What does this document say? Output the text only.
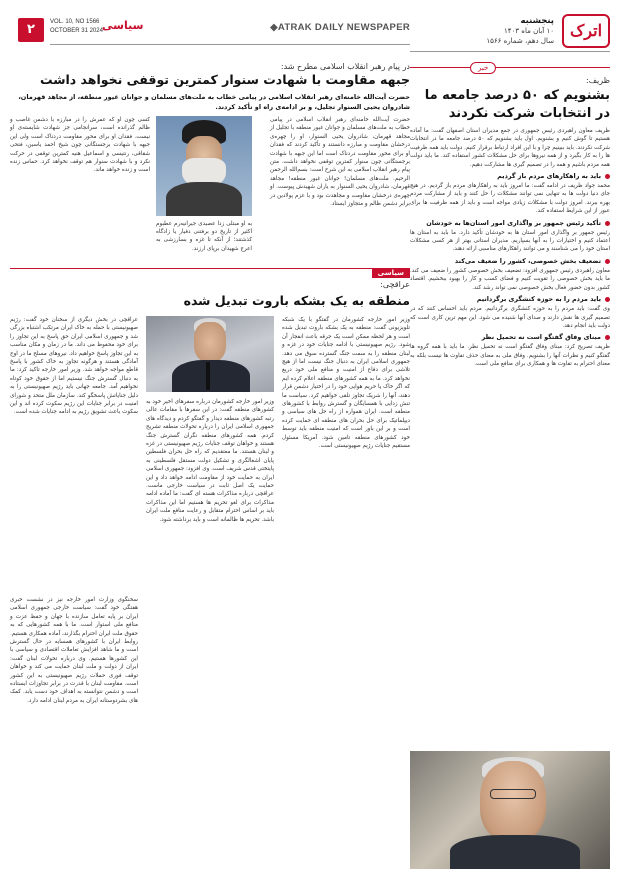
۲	VOL. 10, NO 1566
OCTOBER 31 2024 سیاسی	◆ATRAK DAILY NEWSPAPER	اترک
پنجشنبه
۱۰ آبان ماه ۱۴۰۳
سال دهم، شماره ۱۵۶۶
خبر
ظریف:
بشنویم که ۵۰ درصد جامعه ما در انتخابات شرکت نکردند

ظریف معاون راهبردی رئیس جمهوری در جمع مدیران استان اصفهان گفت: ما آماده هستیم تا گوش کنیم و بشنویم. اول باید بشنویم که ۵۰ درصد جامعه ما در انتخابات شرکت نکردند. باید ببینیم چرا و با این افراد ارتباط برقرار کنیم. دولت باید همه ظرفیت ها را به کار بگیرد و از همه نیروها برای حل مشکلات کشور استفاده کند. ما باید دولت همه مردم باشیم و همه را در تصمیم گیری ها مشارکت دهیم.

باید به راهکارهای مردم باز گردیم

محمد جواد ظریف در ادامه گفت: ما امروز باید به راهکارهای مردم باز گردیم. در هیچ جای دنیا دولت ها به تنهایی نمی توانند مشکلات را حل کنند و باید از مشارکت مردم بهره ببرند. امروز دولت با مشکلات زیادی مواجه است و باید از همه ظرفیت ها برای عبور از این شرایط استفاده کند.

تأکید رئیس جمهور بر واگذاری امور استان‌ها به خودشان

رئیس جمهور بر واگذاری امور استان ها به خودشان تأکید دارد. ما باید به استان ها اعتماد کنیم و اختیارات را به آنها بسپاریم. مدیران استانی بهتر از هر کسی مشکلات استان خود را می شناسند و می توانند راهکارهای مناسبی ارائه دهند.

تضعیف بخش خصوصی، کشور را ضعیف می‌کند

معاون راهبردی رئیس جمهوری افزود: تضعیف بخش خصوصی کشور را ضعیف می کند. ما باید بخش خصوصی را تقویت کنیم و فضای کسب و کار را بهبود ببخشیم. اقتصاد کشور بدون حضور فعال بخش خصوصی نمی تواند رشد کند.

باید مردم را به حوزه کنشگری برگردانیم

وی گفت: باید مردم را به حوزه کنشگری برگردانیم. مردم باید احساس کنند که در تصمیم گیری ها نقش دارند و صدای آنها شنیده می شود. این مهم ترین کاری است که دولت باید انجام دهد.

مبنای وفاق گفتگو است نه تحمیل نظر

ظریف تصریح کرد: مبنای وفاق گفتگو است نه تحمیل نظر. ما باید با همه گروه ها گفتگو کنیم و نظرات آنها را بشنویم. وفاق ملی به معنای حذف تفاوت ها نیست بلکه به معنای احترام به تفاوت ها و همکاری برای منافع ملی است.

در پیام رهبر انقلاب اسلامی مطرح شد:
جبهه مقاومت با شهادت سنوار کمترین توقفی نخواهد داشت
حضرت آیت‌الله خامنه‌ای رهبر انقلاب اسلامی در پیامی خطاب به ملت‌های مسلمان و جوانان غیور منطقه، از مجاهد قهرمان، شادروان یحیی السنوار تجلیل، و بر ادامه‌ی راه او تأکید کردند.
حضرت آیت‌الله خامنه‌ای رهبر انقلاب اسلامی در پیامی خطاب به ملت‌های مسلمان و جوانان غیور منطقه با تجلیل از مجاهد قهرمان، شادروان یحیی السنوار، او را چهره‌ی درخشان مقاومت و مبارزه دانستند و تأکید کردند که فقدان او برای محور مقاومت دردناک است اما این جبهه با شهادت برجستگانی چون سنوار کمترین توقفی نخواهد داشت. متن پیام رهبر انقلاب اسلامی به این شرح است: بسم‌الله الرحمن الرحیم. ملت‌های مسلمان! جوانان غیور منطقه! مجاهد قهرمان، شادروان یحیی السنوار به یاران شهیدش پیوست. او چهره‌ی درخشان مقاومت و مجاهدت بود و با عزم پولادین در برابر دشمن ظالم و متجاوز ایستاد.
به او مبتلی زدا عصیدی جیرانیه‌رم عطبوم اکثیر از تاریخ دو برفتنی دفیار یا زادگاه کذشتند؛ از آنکه تا غزه و بسارزشی به اعرج شهیدان برپای ارزند.
کسی چون او که عمرش را در مبارزه با دشمن غاصب و ظالم گذرانده است، سرانجامی جز شهادت شایسته‌ی او نیست. فقدان او برای محور مقاومت دردناک است ولی این جبهه با شهادت برجستگانی چون شیخ احمد یاسین، فتحی شقاقی، رنتیسی و اسماعیل هنیه کمترین توقفی در حرکت نکرد و با شهادت سنوار هم توقف نخواهد کرد. حماس زنده است و زنده خواهد ماند.
سیاسی
عراقچی:
منطقه به یک بشکه باروت تبدیل شده
وزیر امور خارجه کشورمان در گفتگو با یک شبکه تلویزیونی گفت: منطقه به یک بشکه باروت تبدیل شده است و هر لحظه ممکن است یک جرقه باعث انفجار آن شود. رژیم صهیونیستی با ادامه جنایات خود در غزه و لبنان منطقه را به سمت جنگ گسترده سوق می دهد. جمهوری اسلامی ایران به دنبال جنگ نیست اما از هیچ تلاشی برای دفاع از امنیت و منافع ملی خود دریغ نخواهد کرد. ما به همه کشورهای منطقه اعلام کرده ایم که اگر خاک یا حریم هوایی خود را در اختیار دشمن قرار دهند، آنها را شریک تجاوز تلقی خواهیم کرد. سیاست ما تنش زدایی با همسایگان و گسترش روابط با کشورهای منطقه است. ایران همواره از راه حل های سیاسی و دیپلماتیک برای حل بحران های منطقه ای حمایت کرده است و بر این باور است که امنیت منطقه باید توسط خود کشورهای منطقه تامین شود. آمریکا مسئول مستقیم جنایات رژیم صهیونیستی است.
وزیر امور خارجه کشورمان درباره سفرهای اخیر خود به کشورهای منطقه گفت: در این سفرها با مقامات عالی رتبه کشورهای منطقه دیدار و گفتگو کردم و دیدگاه های جمهوری اسلامی ایران را درباره تحولات منطقه تشریح کردم. همه کشورهای منطقه نگران گسترش جنگ هستند و خواهان توقف جنایات رژیم صهیونیستی در غزه و لبنان هستند. ما معتقدیم که راه حل بحران فلسطین پایان اشغالگری و تشکیل دولت مستقل فلسطینی به پایتختی قدس شریف است. وی افزود: جمهوری اسلامی ایران به حمایت خود از مقاومت ادامه خواهد داد و این حمایت یک اصل ثابت در سیاست خارجی ماست. عراقچی درباره مذاکرات هسته ای گفت: ما آماده ادامه مذاکرات برای لغو تحریم ها هستیم اما این مذاکرات باید بر اساس احترام متقابل و رعایت منافع ملت ایران باشد. تحریم ها ظالمانه است و باید برداشته شود.
عراقچی در بخش دیگری از سخنان خود گفت: رژیم صهیونیستی با حمله به خاک ایران مرتکب اشتباه بزرگی شد و جمهوری اسلامی ایران حق پاسخ به این تجاوز را برای خود محفوظ می داند. ما در زمان و مکان مناسب به این تجاوز پاسخ خواهیم داد. نیروهای مسلح ما در اوج آمادگی هستند و هرگونه تجاوز به خاک کشور با پاسخ قاطع مواجه خواهد شد. وزیر امور خارجه تاکید کرد: ما به دنبال گسترش جنگ نیستیم اما از حقوق خود کوتاه نخواهیم آمد. جامعه جهانی باید رژیم صهیونیستی را به دلیل جنایاتش پاسخگو کند. سازمان ملل متحد و شورای امنیت در برابر جنایات این رژیم سکوت کرده اند و این سکوت باعث تشویق رژیم به ادامه جنایات شده است.
سخنگوی وزارت امور خارجه نیز در نشست خبری هفتگی خود گفت: سیاست خارجی جمهوری اسلامی ایران بر پایه تعامل سازنده با جهان و حفظ عزت و منافع ملی استوار است. ما با همه کشورهایی که به حقوق ملت ایران احترام بگذارند، آماده همکاری هستیم. روابط ایران با کشورهای همسایه در حال گسترش است و ما شاهد افزایش تعاملات اقتصادی و سیاسی با این کشورها هستیم. وی درباره تحولات لبنان گفت: ایران از دولت و ملت لبنان حمایت می کند و خواهان توقف فوری حملات رژیم صهیونیستی به این کشور است. مقاومت لبنان با قدرت در برابر تجاوزات ایستاده است و دشمن نتوانسته به اهداف خود دست یابد. کمک های بشردوستانه ایران به مردم لبنان ادامه دارد.
